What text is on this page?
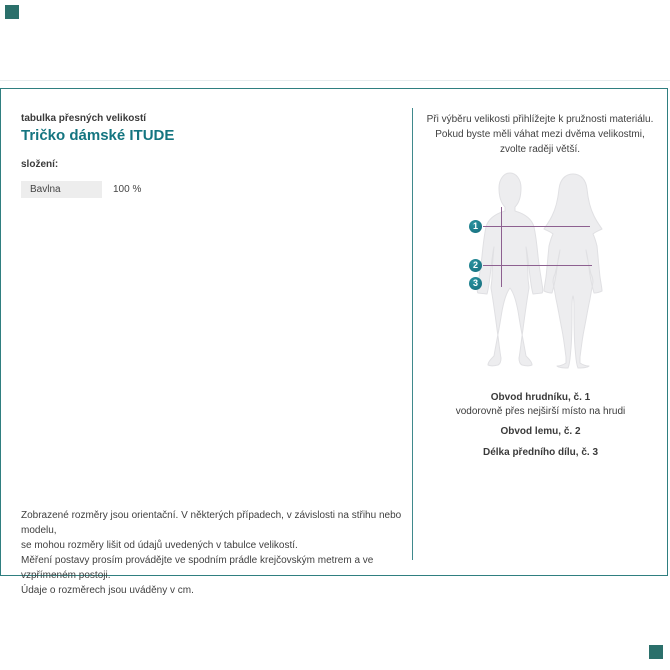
tabulka přesných velikostí
Tričko dámské ITUDE
složení:
Bavlna	100 %
Zobrazené rozměry jsou orientační. V některých případech, v závislosti na střihu nebo modelu,
se mohou rozměry lišit od údajů uvedených v tabulce velikostí.
Měření postavy prosím provádějte ve spodním prádle krejčovským metrem a ve vzpřímeném postoji.
Údaje o rozměrech jsou uváděny v cm.
Při výběru velikosti přihlížejte k pružnosti materiálu.
Pokud byste měli váhat mezi dvěma velikostmi,
zvolte raději větší.
1
2
3
Obvod hrudníku, č. 1
vodorovně přes nejširší místo na hrudi
Obvod lemu, č. 2
Délka předního dílu, č. 3
